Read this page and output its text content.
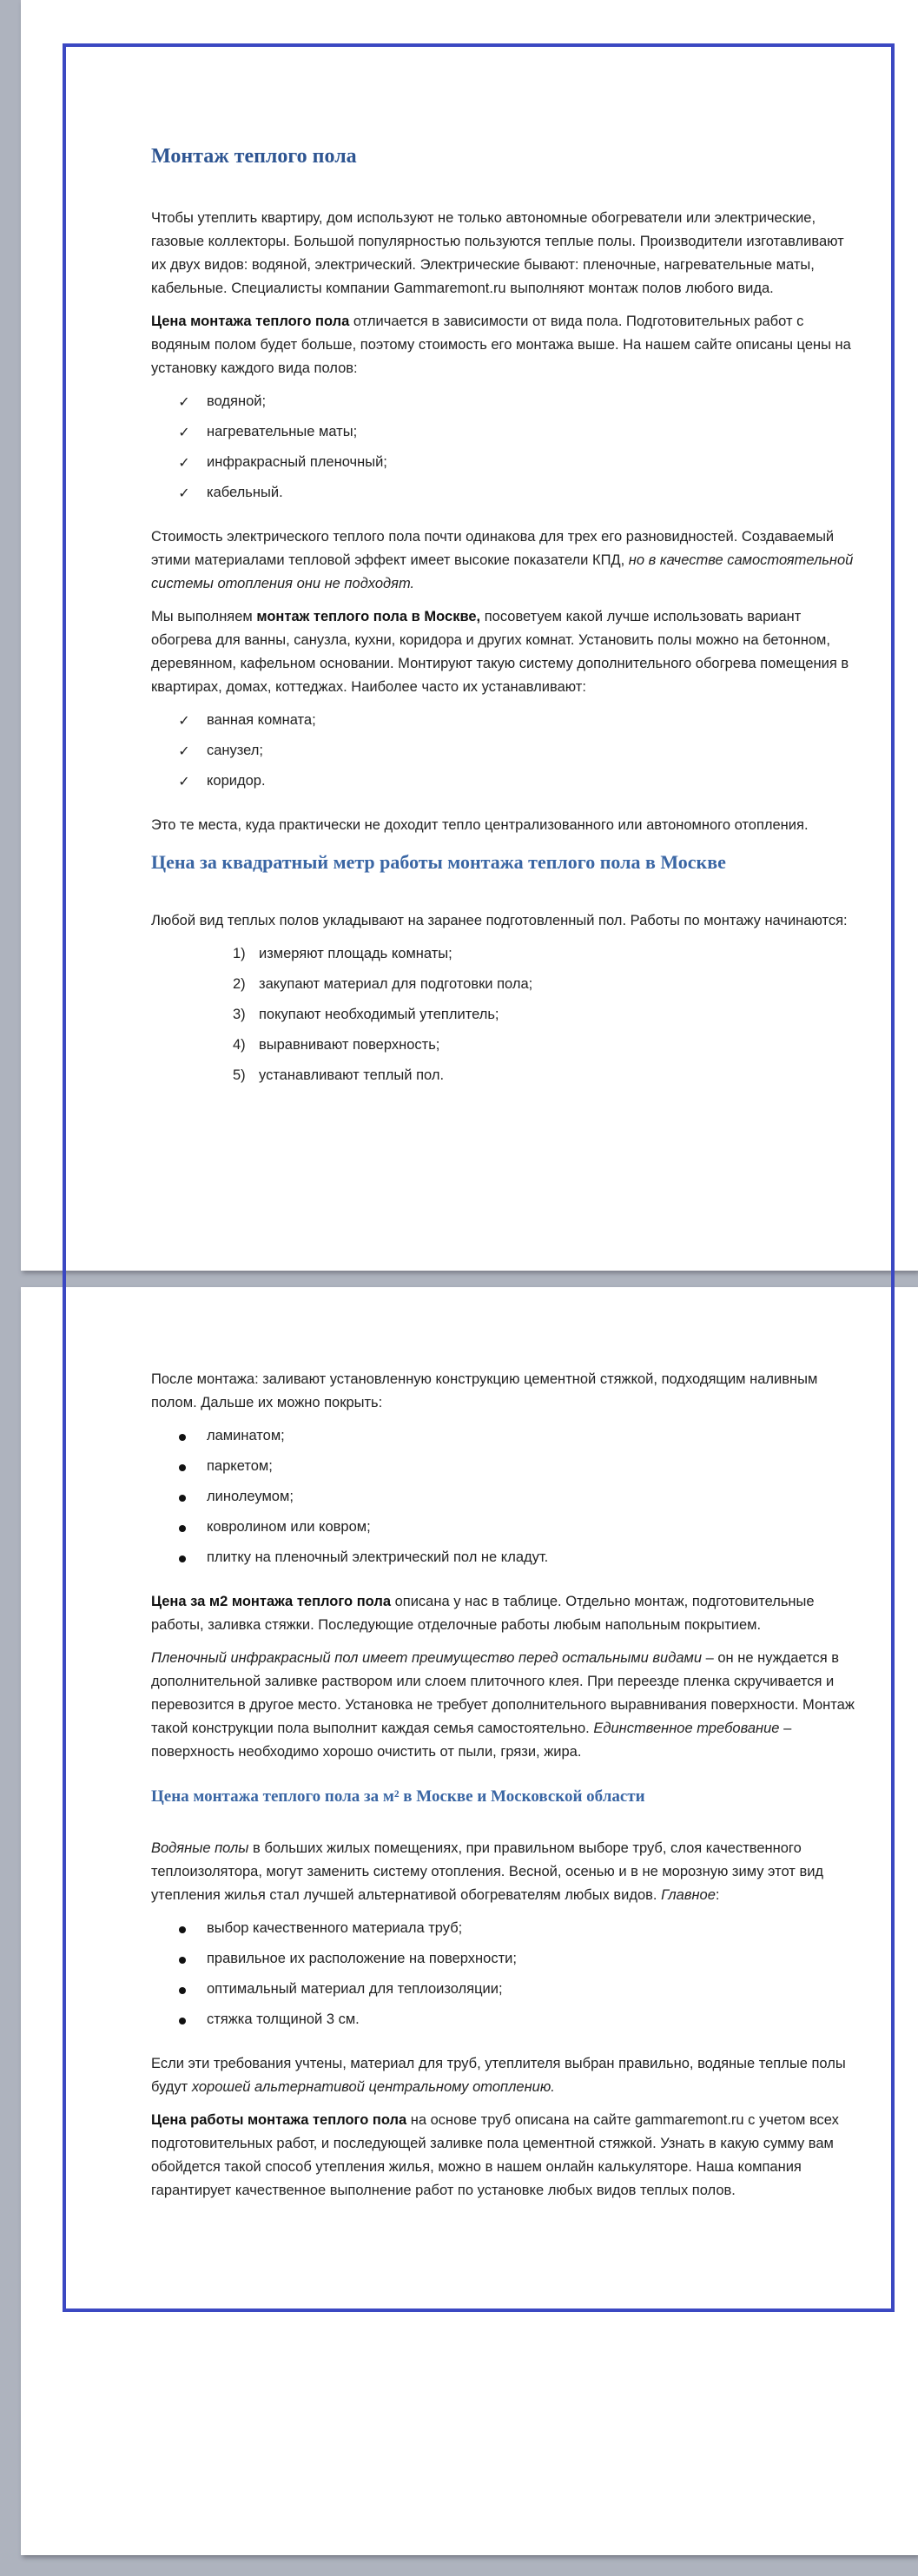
Монтаж теплого пола

Чтобы утеплить квартиру, дом используют не только автономные обогреватели или электрические, газовые коллекторы. Большой популярностью пользуются теплые полы. Производители изготавливают их двух видов: водяной, электрический. Электрические бывают: пленочные, нагревательные маты, кабельные. Специалисты компании Gammaremont.ru выполняют монтаж полов любого вида.

Цена монтажа теплого пола отличается в зависимости от вида пола. Подготовительных работ с водяным полом будет больше, поэтому стоимость его монтажа выше. На нашем сайте описаны цены на установку каждого вида полов:

✓ водяной;
✓ нагревательные маты;
✓ инфракрасный пленочный;
✓ кабельный.

Стоимость электрического теплого пола почти одинакова для трех его разновидностей. Создаваемый этими материалами тепловой эффект имеет высокие показатели КПД, но в качестве самостоятельной системы отопления они не подходят.

Мы выполняем монтаж теплого пола в Москве, посоветуем какой лучше использовать вариант обогрева для ванны, санузла, кухни, коридора и других комнат. Установить полы можно на бетонном, деревянном, кафельном основании. Монтируют такую систему дополнительного обогрева помещения в квартирах, домах, коттеджах. Наиболее часто их устанавливают:

✓ ванная комната;
✓ санузел;
✓ коридор.

Это те места, куда практически не доходит тепло централизованного или автономного отопления.

Цена за квадратный метр работы монтажа теплого пола в Москве

Любой вид теплых полов укладывают на заранее подготовленный пол. Работы по монтажу начинаются:

1) измеряют площадь комнаты;
2) закупают материал для подготовки пола;
3) покупают необходимый утеплитель;
4) выравнивают поверхность;
5) устанавливают теплый пол.

После монтажа: заливают установленную конструкцию цементной стяжкой, подходящим наливным полом. Дальше их можно покрыть:

ламинатом;
паркетом;
линолеумом;
ковролином или ковром;
плитку на пленочный электрический пол не кладут.

Цена за м2 монтажа теплого пола описана у нас в таблице. Отдельно монтаж, подготовительные работы, заливка стяжки. Последующие отделочные работы любым напольным покрытием.

Пленочный инфракрасный пол имеет преимущество перед остальными видами – он не нуждается в дополнительной заливке раствором или слоем плиточного клея. При переезде пленка скручивается и перевозится в другое место. Установка не требует дополнительного выравнивания поверхности. Монтаж такой конструкции пола выполнит каждая семья самостоятельно. Единственное требование – поверхность необходимо хорошо очистить от пыли, грязи, жира.

Цена монтажа теплого пола за м² в Москве и Московской области

Водяные полы в больших жилых помещениях, при правильном выборе труб, слоя качественного теплоизолятора, могут заменить систему отопления. Весной, осенью и в не морозную зиму этот вид утепления жилья стал лучшей альтернативой обогревателям любых видов. Главное:

выбор качественного материала труб;
правильное их расположение на поверхности;
оптимальный материал для теплоизоляции;
стяжка толщиной 3 см.

Если эти требования учтены, материал для труб, утеплителя выбран правильно, водяные теплые полы будут хорошей альтернативой центральному отоплению.

Цена работы монтажа теплого пола на основе труб описана на сайте gammaremont.ru с учетом всех подготовительных работ, и последующей заливке пола цементной стяжкой. Узнать в какую сумму вам обойдется такой способ утепления жилья, можно в нашем онлайн калькуляторе. Наша компания гарантирует качественное выполнение работ по установке любых видов теплых полов.
